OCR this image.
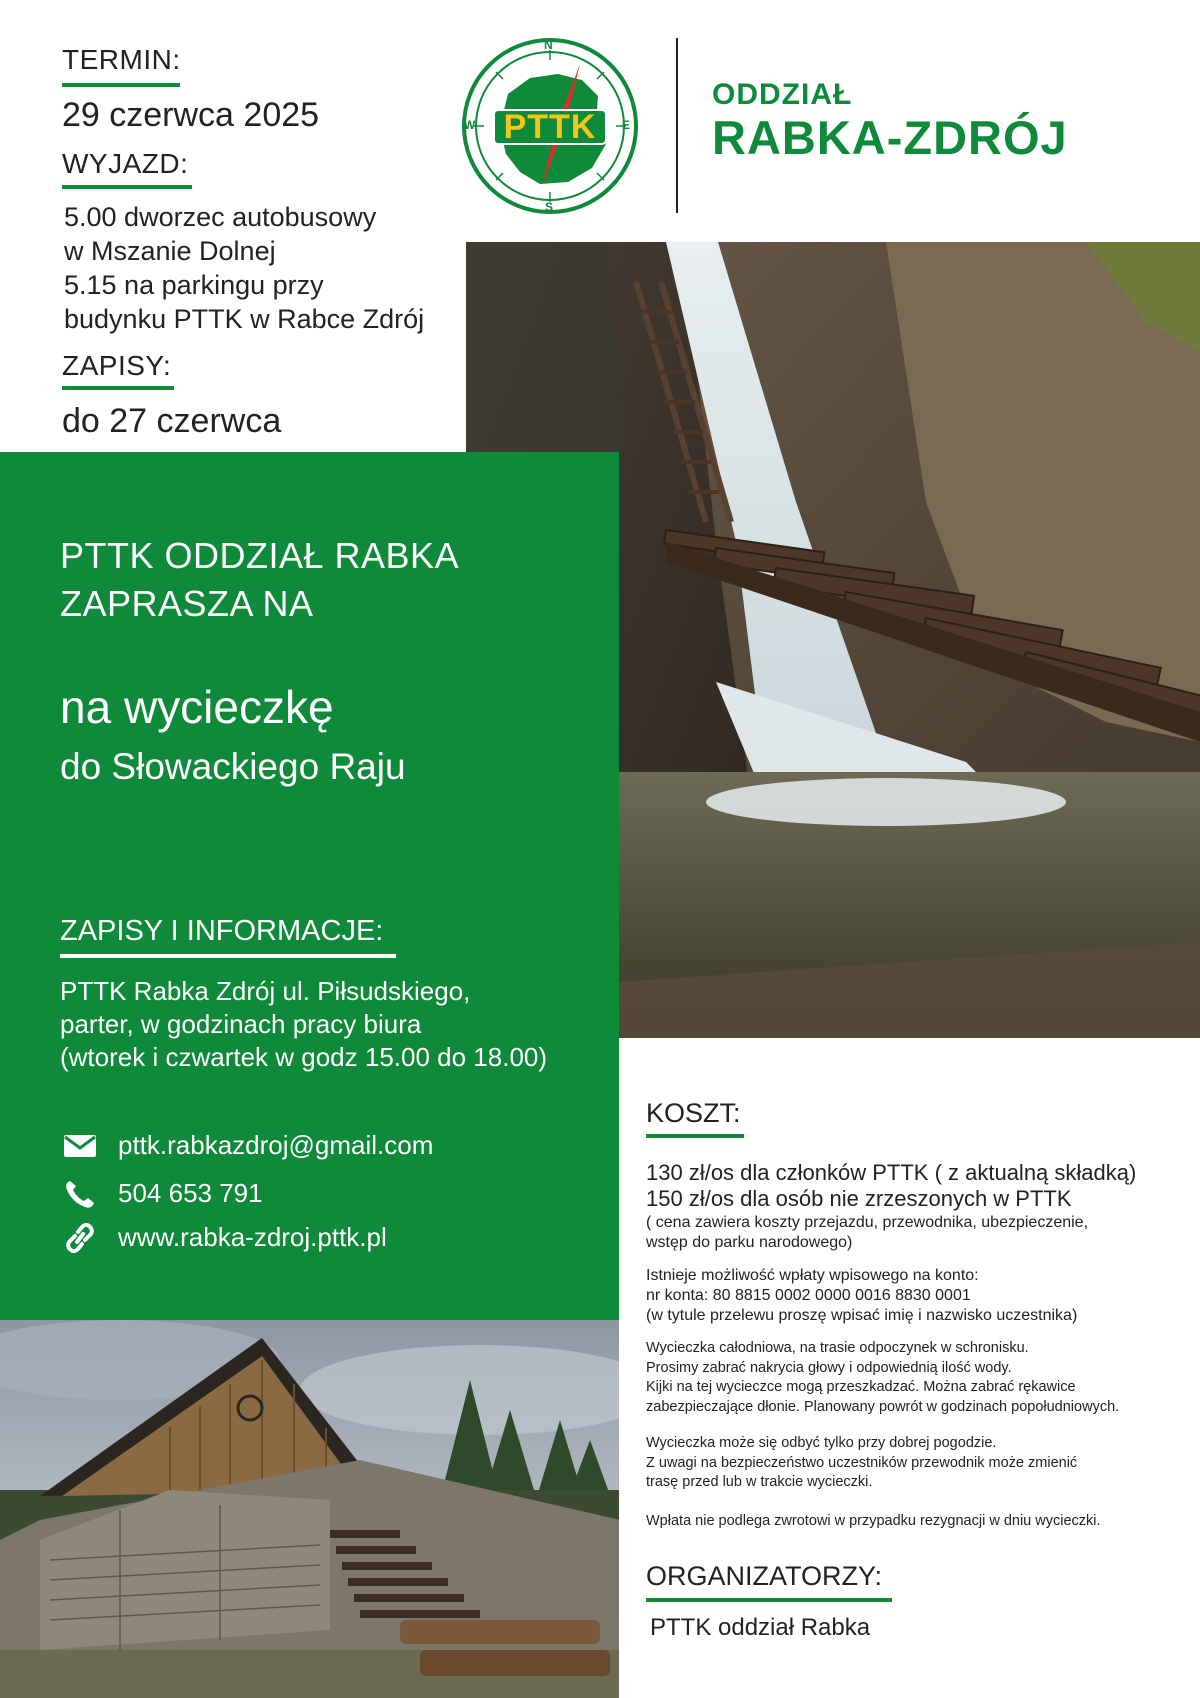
TERMIN:
29 czerwca 2025
WYJAZD:
5.00 dworzec autobusowy
w Mszanie Dolnej
5.15 na parkingu przy
budynku PTTK w Rabce Zdrój
ZAPISY:
do 27 czerwca
PTTK
N
E
S
W
ODDZIAŁ
RABKA-ZDRÓJ
PTTK ODDZIAŁ RABKA
ZAPRASZA NA
na wycieczkę
do Słowackiego Raju
ZAPISY I INFORMACJE:
PTTK Rabka Zdrój ul. Piłsudskiego,
parter, w godzinach pracy biura
(wtorek i czwartek w godz 15.00 do 18.00)
pttk.rabkazdroj@gmail.com
504 653 791
www.rabka-zdroj.pttk.pl
KOSZT:
130 zł/os dla członków PTTK ( z aktualną składką)
150 zł/os dla osób nie zrzeszonych w PTTK
( cena zawiera koszty przejazdu, przewodnika, ubezpieczenie,
wstęp do parku narodowego)
Istnieje możliwość wpłaty wpisowego na konto:
nr konta: 80 8815 0002 0000 0016 8830 0001
(w tytule przelewu proszę wpisać imię i nazwisko uczestnika)
Wycieczka całodniowa, na trasie odpoczynek w schronisku.
Prosimy zabrać nakrycia głowy i odpowiednią ilość wody.
Kijki na tej wycieczce mogą przeszkadzać. Można zabrać rękawice
zabezpieczające dłonie. Planowany powrót w godzinach popołudniowych.
Wycieczka może się odbyć tylko przy dobrej pogodzie.
Z uwagi na bezpieczeństwo uczestników przewodnik może zmienić
trasę przed lub w trakcie wycieczki.
Wpłata nie podlega zwrotowi w przypadku rezygnacji w dniu wycieczki.
ORGANIZATORZY:
PTTK oddział Rabka
